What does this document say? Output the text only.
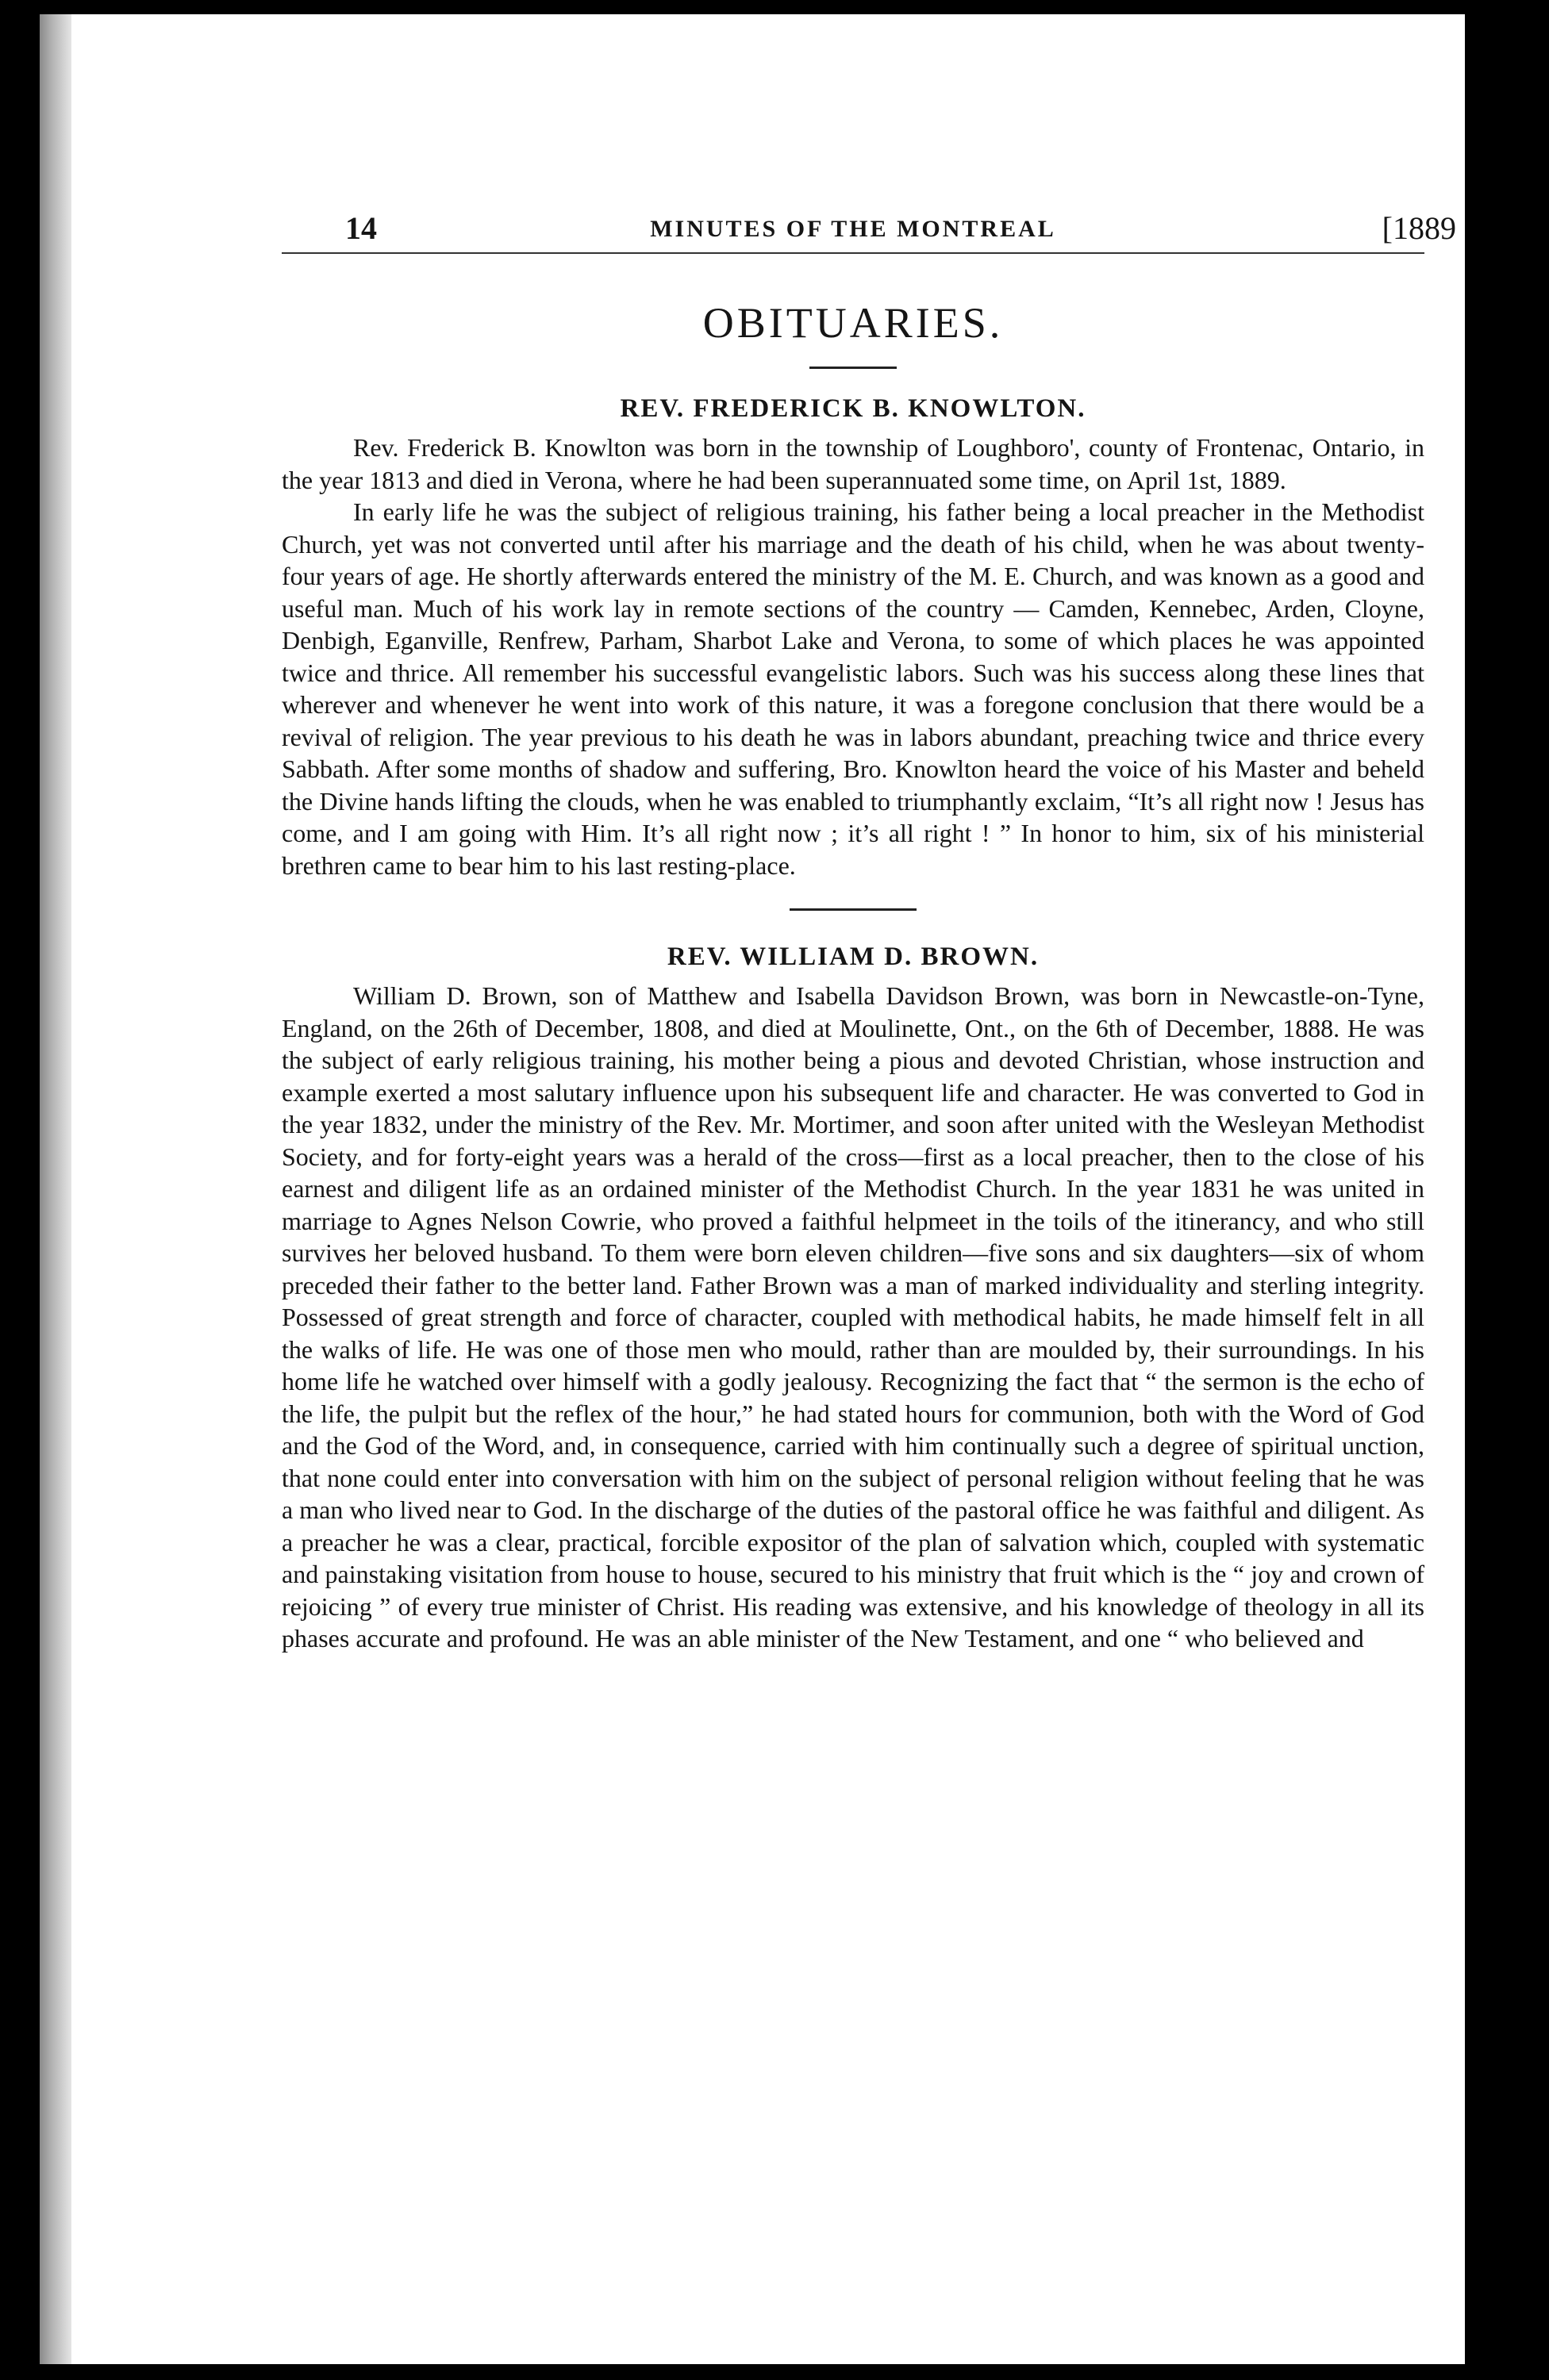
14	MINUTES OF THE MONTREAL	[1889
OBITUARIES.
REV. FREDERICK B. KNOWLTON.

Rev. Frederick B. Knowlton was born in the township of Loughboro', county of Frontenac, Ontario, in the year 1813 and died in Verona, where he had been superannuated some time, on April 1st, 1889.

In early life he was the subject of religious training, his father being a local preacher in the Methodist Church, yet was not converted until after his marriage and the death of his child, when he was about twenty-four years of age. He shortly afterwards entered the ministry of the M. E. Church, and was known as a good and useful man. Much of his work lay in remote sections of the country — Camden, Kennebec, Arden, Cloyne, Denbigh, Eganville, Renfrew, Parham, Sharbot Lake and Verona, to some of which places he was appointed twice and thrice. All remember his successful evangelistic labors. Such was his success along these lines that wherever and whenever he went into work of this nature, it was a foregone conclusion that there would be a revival of religion. The year previous to his death he was in labors abundant, preaching twice and thrice every Sabbath. After some months of shadow and suffering, Bro. Knowlton heard the voice of his Master and beheld the Divine hands lifting the clouds, when he was enabled to triumphantly exclaim, “It’s all right now ! Jesus has come, and I am going with Him. It’s all right now ; it’s all right ! ” In honor to him, six of his ministerial brethren came to bear him to his last resting-place.

REV. WILLIAM D. BROWN.

William D. Brown, son of Matthew and Isabella Davidson Brown, was born in Newcastle-on-Tyne, England, on the 26th of December, 1808, and died at Moulinette, Ont., on the 6th of December, 1888. He was the subject of early religious training, his mother being a pious and devoted Christian, whose instruction and example exerted a most salutary influence upon his subsequent life and character. He was converted to God in the year 1832, under the ministry of the Rev. Mr. Mortimer, and soon after united with the Wesleyan Methodist Society, and for forty-eight years was a herald of the cross—first as a local preacher, then to the close of his earnest and diligent life as an ordained minister of the Methodist Church. In the year 1831 he was united in marriage to Agnes Nelson Cowrie, who proved a faithful helpmeet in the toils of the itinerancy, and who still survives her beloved husband. To them were born eleven children—five sons and six daughters—six of whom preceded their father to the better land. Father Brown was a man of marked individuality and sterling integrity. Possessed of great strength and force of character, coupled with methodical habits, he made himself felt in all the walks of life. He was one of those men who mould, rather than are moulded by, their surroundings. In his home life he watched over himself with a godly jealousy. Recognizing the fact that “ the sermon is the echo of the life, the pulpit but the reflex of the hour,” he had stated hours for communion, both with the Word of God and the God of the Word, and, in consequence, carried with him continually such a degree of spiritual unction, that none could enter into conversation with him on the subject of personal religion without feeling that he was a man who lived near to God. In the discharge of the duties of the pastoral office he was faithful and diligent. As a preacher he was a clear, practical, forcible expositor of the plan of salvation which, coupled with systematic and painstaking visitation from house to house, secured to his ministry that fruit which is the “ joy and crown of rejoicing ” of every true minister of Christ. His reading was extensive, and his knowledge of theology in all its phases accurate and profound. He was an able minister of the New Testament, and one “ who believed and
